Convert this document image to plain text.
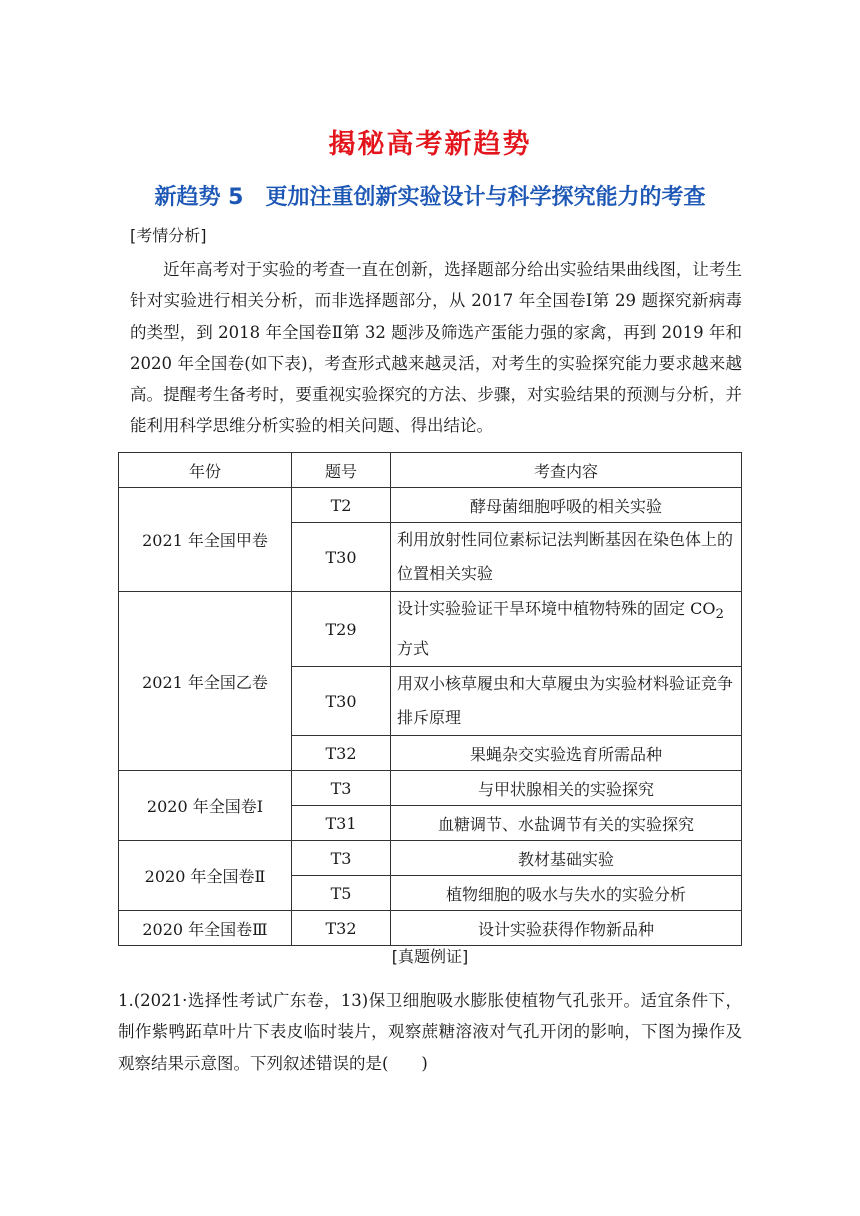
揭秘高考新趋势
新趋势 5　更加注重创新实验设计与科学探究能力的考查
[考情分析]

近年高考对于实验的考查一直在创新，选择题部分给出实验结果曲线图，让考生针对实验进行相关分析，而非选择题部分，从 2017 年全国卷Ⅰ第 29 题探究新病毒的类型，到 2018 年全国卷Ⅱ第 32 题涉及筛选产蛋能力强的家禽，再到 2019 年和 2020 年全国卷(如下表)，考查形式越来越灵活，对考生的实验探究能力要求越来越高。提醒考生备考时，要重视实验探究的方法、步骤，对实验结果的预测与分析，并能利用科学思维分析实验的相关问题、得出结论。

年份	题号	考查内容
2021 年全国甲卷	T2	酵母菌细胞呼吸的相关实验
	T30	利用放射性同位素标记法判断基因在染色体上的位置相关实验
2021 年全国乙卷	T29	设计实验验证干旱环境中植物特殊的固定 $CO_2$方式
	T30	用双小核草履虫和大草履虫为实验材料验证竞争排斥原理
	T32	果蝇杂交实验选育所需品种
2020 年全国卷Ⅰ	T3	与甲状腺相关的实验探究
	T31	血糖调节、水盐调节有关的实验探究
2020 年全国卷Ⅱ	T3	教材基础实验
	T5	植物细胞的吸水与失水的实验分析
2020 年全国卷Ⅲ	T32	设计实验获得作物新品种
[真题例证]

1.(2021·选择性考试广东卷，13)保卫细胞吸水膨胀使植物气孔张开。适宜条件下，制作紫鸭跖草叶片下表皮临时装片，观察蔗糖溶液对气孔开闭的影响，下图为操作及观察结果示意图。下列叙述错误的是(　　)
